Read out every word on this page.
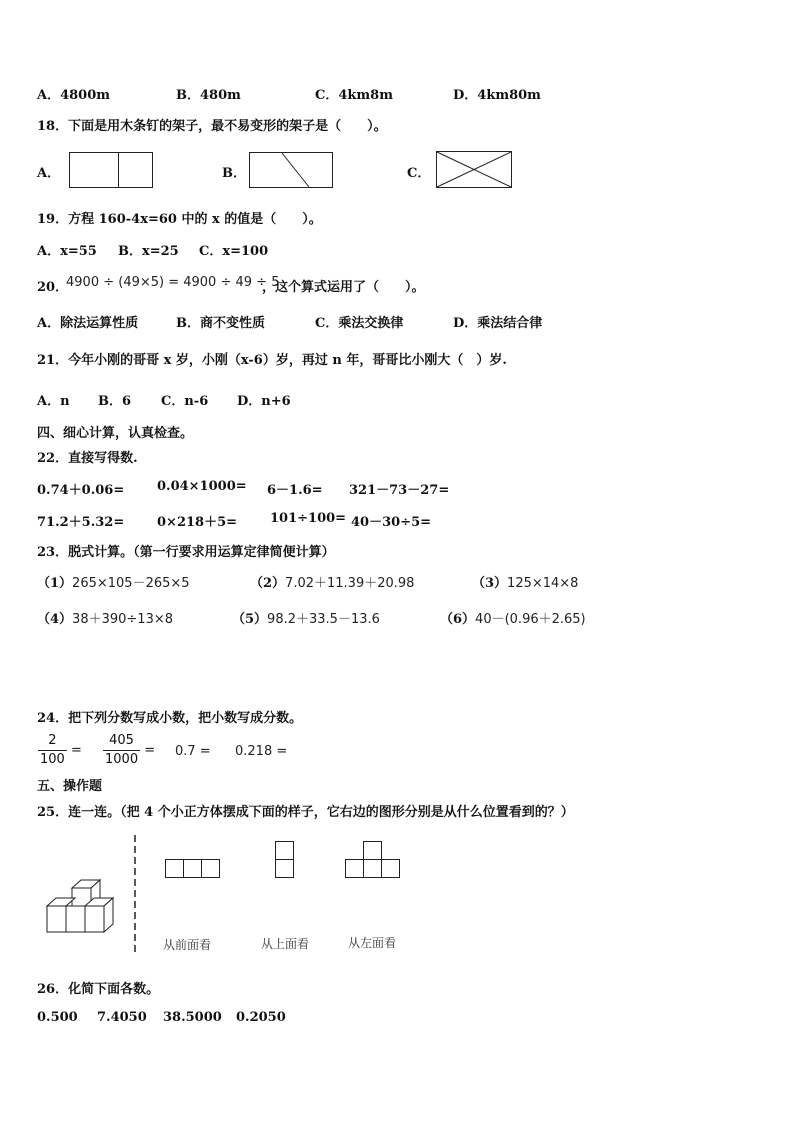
A．4800m	B．480m	C．4km8m	D．4km80m
18．下面是用木条钉的架子，最不易变形的架子是（　　）。
A．	B．	C．
19．方程 160-4x=60 中的 x 的值是（　　）。
A．x=55 B．x=25 C．x=100
20．
4900 ÷ (49×5) = 4900 ÷ 49 ÷ 5
，这个算式运用了（　　）。
A．除法运算性质	B．商不变性质	C．乘法交换律	D．乘法结合律
21．今年小刚的哥哥 x 岁，小刚（x-6）岁，再过 n 年，哥哥比小刚大（　）岁.
A．n B．6 C．n-6 D．n+6
四、细心计算，认真检查。
22．直接写得数.
0.74＋0.06=	0.04×1000= 6－1.6= 321－73－27=
71.2＋5.32=	0×218＋5=	101÷100= 40－30÷5=
23．脱式计算。（第一行要求用运算定律简便计算）
（1）265×105－265×5	（2）7.02＋11.39＋20.98	（3）125×14×8
（4）38＋390÷13×8	（5）98.2＋33.5－13.6	（6）40－(0.96＋2.65)
24．把下列分数写成小数，把小数写成分数。
$\frac{2}{100} = \frac{405}{1000} = 0.7 = 0.218$ =
五、操作题
25．连一连。（把 4 个小正方体摆成下面的样子，它右边的图形分别是从什么位置看到的？）
从前面看	从上面看	从左面看
26．化简下面各数。
0.500 7.4050 38.5000 0.2050
